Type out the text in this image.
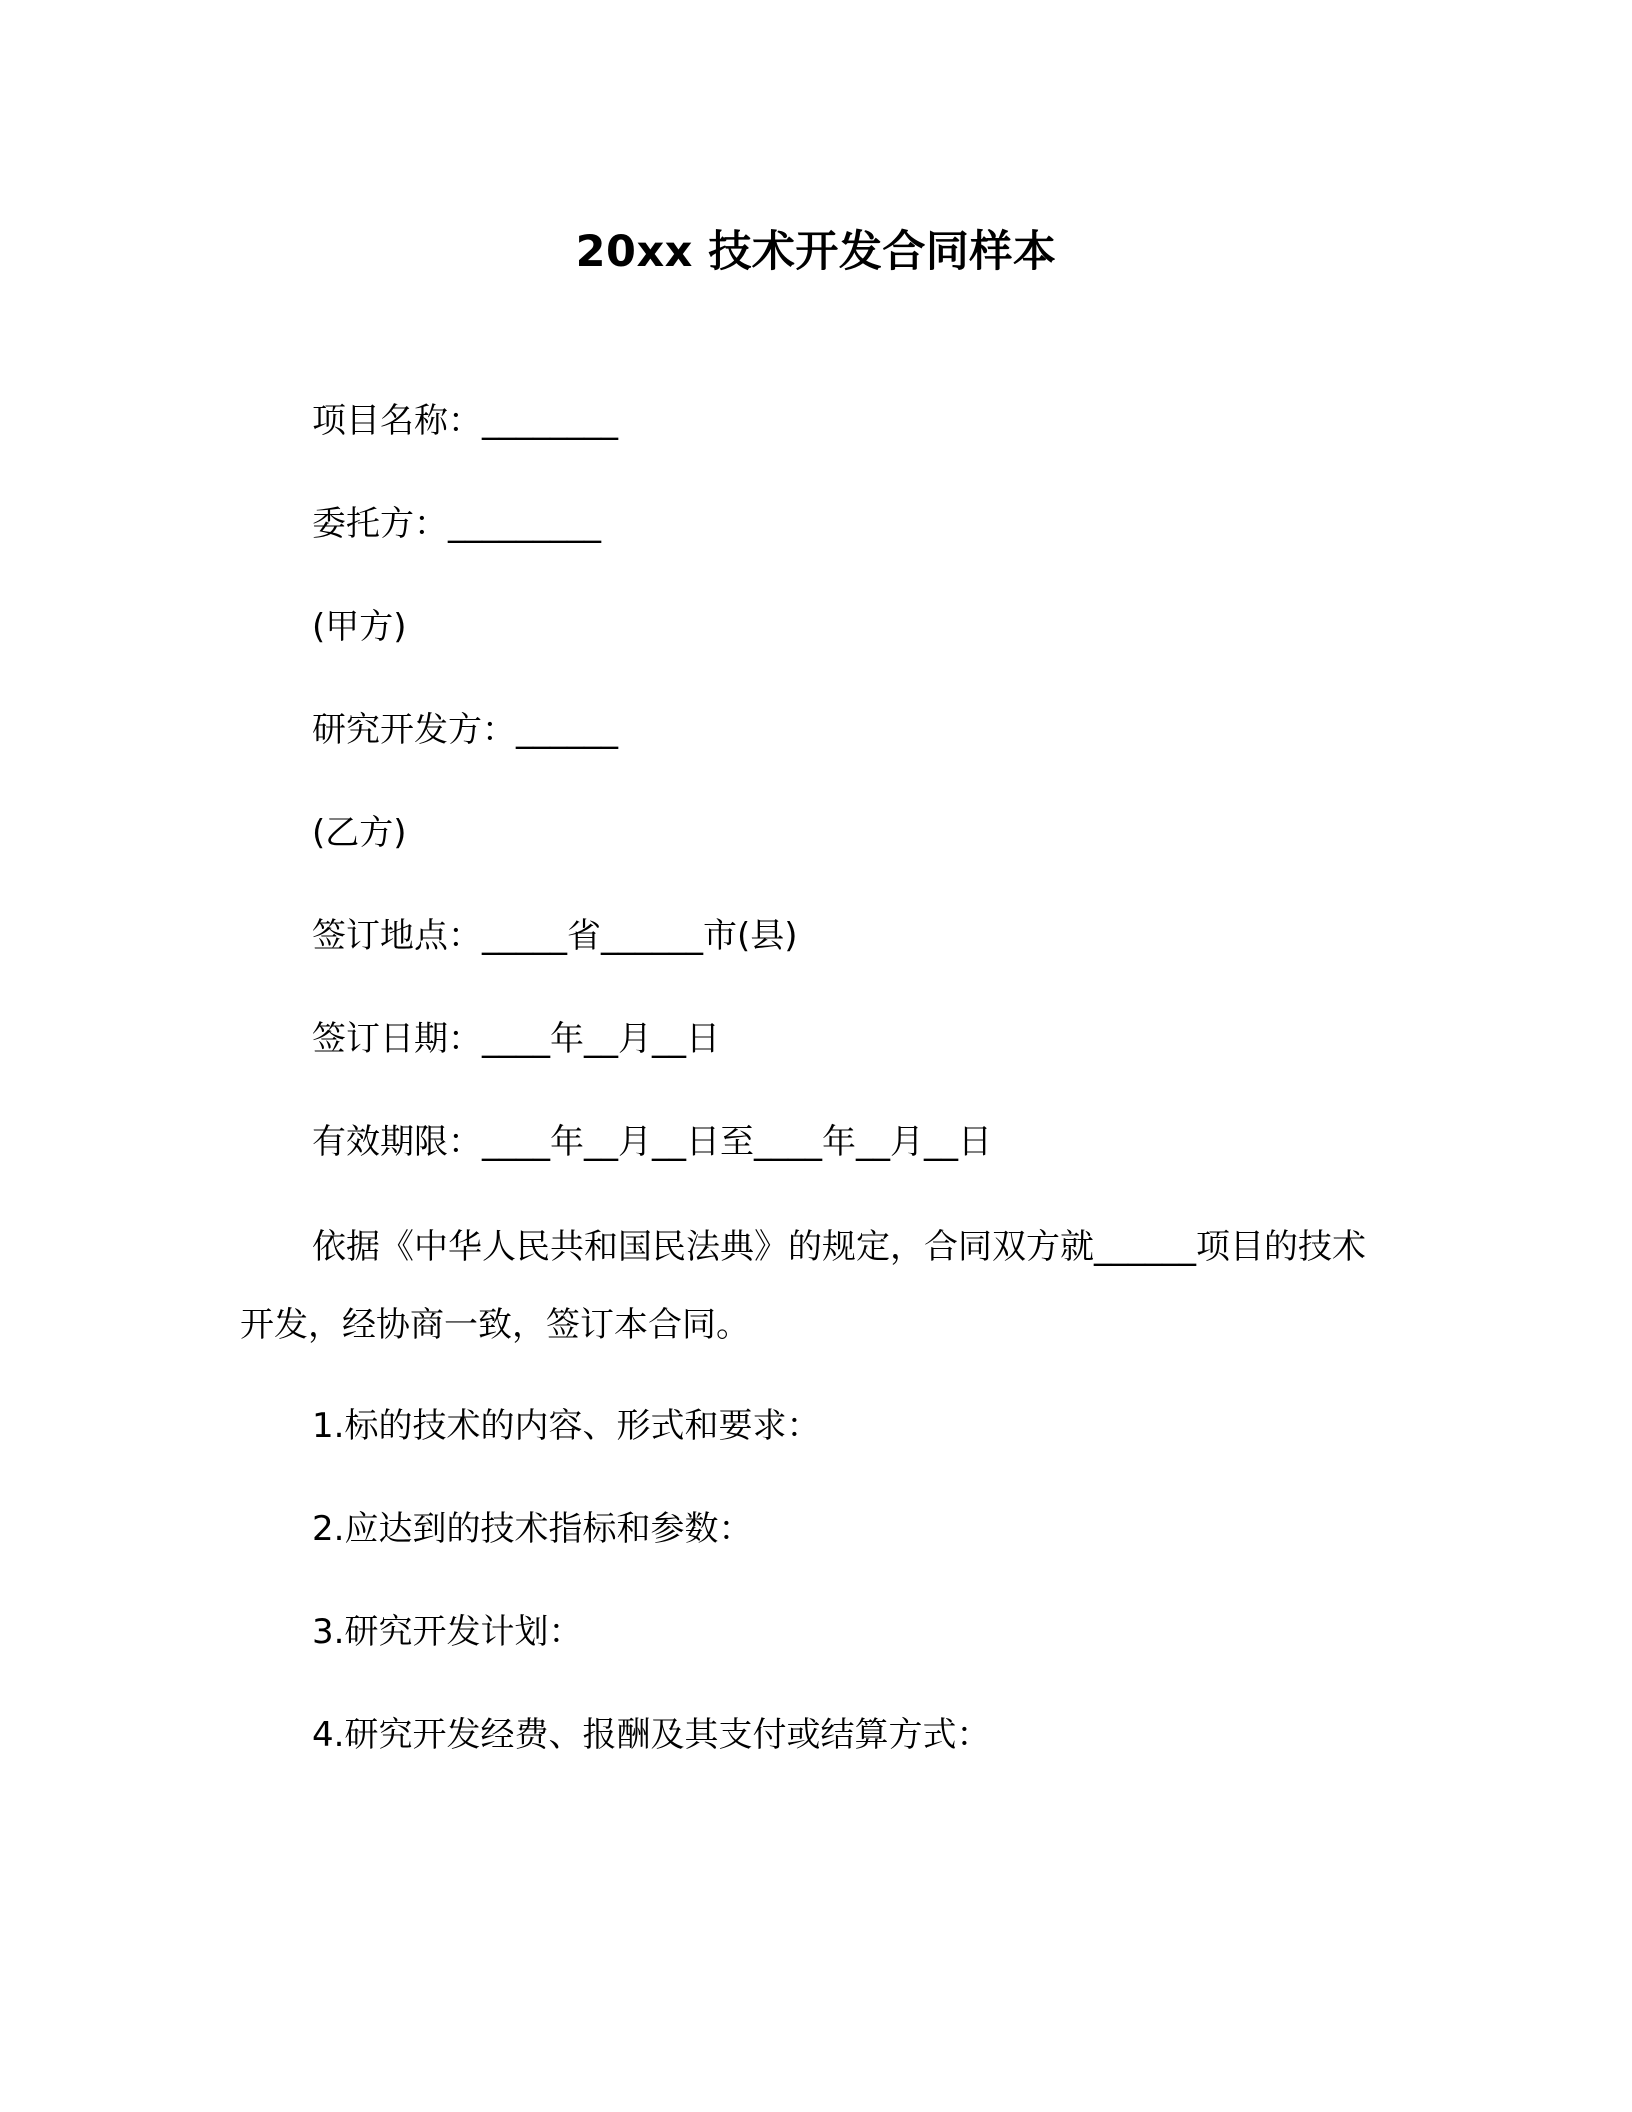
20xx 技术开发合同样本
项目名称：________
委托方：_________
(甲方)
研究开发方：______
(乙方)
签订地点：_____省______市(县)
签订日期：____年__月__日
有效期限：____年__月__日至____年__月__日
依据《中华人民共和国民法典》的规定，合同双方就______项目的技术开发，经协商一致，签订本合同。
1.标的技术的内容、形式和要求：
2.应达到的技术指标和参数：
3.研究开发计划：
4.研究开发经费、报酬及其支付或结算方式：
